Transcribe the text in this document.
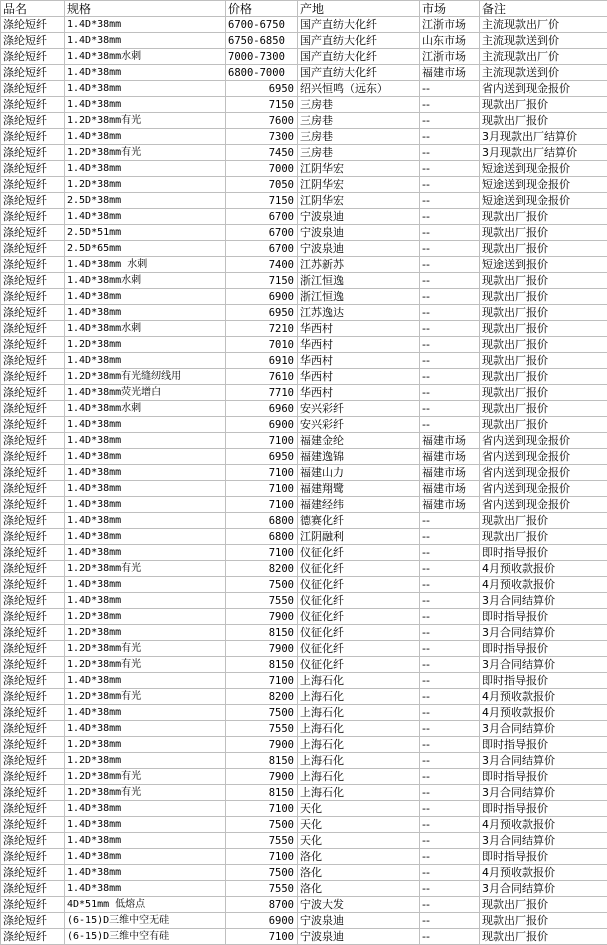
品名	规格	价格	产地	市场	备注
涤纶短纤	1.4D*38mm	6700-6750	国产直纺大化纤	江浙市场	主流现款出厂价
涤纶短纤	1.4D*38mm	6750-6850	国产直纺大化纤	山东市场	主流现款送到价
涤纶短纤	1.4D*38mm水刺	7000-7300	国产直纺大化纤	江浙市场	主流现款出厂价
涤纶短纤	1.4D*38mm	6800-7000	国产直纺大化纤	福建市场	主流现款送到价
涤纶短纤	1.4D*38mm	6950	绍兴恒鸣（远东）	--	省内送到现金报价
涤纶短纤	1.4D*38mm	7150	三房巷	--	现款出厂报价
涤纶短纤	1.2D*38mm有光	7600	三房巷	--	现款出厂报价
涤纶短纤	1.4D*38mm	7300	三房巷	--	3月现款出厂结算价
涤纶短纤	1.2D*38mm有光	7450	三房巷	--	3月现款出厂结算价
涤纶短纤	1.4D*38mm	7000	江阴华宏	--	短途送到现金报价
涤纶短纤	1.2D*38mm	7050	江阴华宏	--	短途送到现金报价
涤纶短纤	2.5D*38mm	7150	江阴华宏	--	短途送到现金报价
涤纶短纤	1.4D*38mm	6700	宁波泉迪	--	现款出厂报价
涤纶短纤	2.5D*51mm	6700	宁波泉迪	--	现款出厂报价
涤纶短纤	2.5D*65mm	6700	宁波泉迪	--	现款出厂报价
涤纶短纤	1.4D*38mm 水刺	7400	江苏新苏	--	短途送到报价
涤纶短纤	1.4D*38mm水刺	7150	浙江恒逸	--	现款出厂报价
涤纶短纤	1.4D*38mm	6900	浙江恒逸	--	现款出厂报价
涤纶短纤	1.4D*38mm	6950	江苏逸达	--	现款出厂报价
涤纶短纤	1.4D*38mm水刺	7210	华西村	--	现款出厂报价
涤纶短纤	1.2D*38mm	7010	华西村	--	现款出厂报价
涤纶短纤	1.4D*38mm	6910	华西村	--	现款出厂报价
涤纶短纤	1.2D*38mm有光缝纫线用	7610	华西村	--	现款出厂报价
涤纶短纤	1.4D*38mm荧光增白	7710	华西村	--	现款出厂报价
涤纶短纤	1.4D*38mm水刺	6960	安兴彩纤	--	现款出厂报价
涤纶短纤	1.4D*38mm	6900	安兴彩纤	--	现款出厂报价
涤纶短纤	1.4D*38mm	7100	福建金纶	福建市场	省内送到现金报价
涤纶短纤	1.4D*38mm	6950	福建逸锦	福建市场	省内送到现金报价
涤纶短纤	1.4D*38mm	7100	福建山力	福建市场	省内送到现金报价
涤纶短纤	1.4D*38mm	7100	福建翔鹭	福建市场	省内送到现金报价
涤纶短纤	1.4D*38mm	7100	福建经纬	福建市场	省内送到现金报价
涤纶短纤	1.4D*38mm	6800	德赛化纤	--	现款出厂报价
涤纶短纤	1.4D*38mm	6800	江阴融利	--	现款出厂报价
涤纶短纤	1.4D*38mm	7100	仪征化纤	--	即时指导报价
涤纶短纤	1.2D*38mm有光	8200	仪征化纤	--	4月预收款报价
涤纶短纤	1.4D*38mm	7500	仪征化纤	--	4月预收款报价
涤纶短纤	1.4D*38mm	7550	仪征化纤	--	3月合同结算价
涤纶短纤	1.2D*38mm	7900	仪征化纤	--	即时指导报价
涤纶短纤	1.2D*38mm	8150	仪征化纤	--	3月合同结算价
涤纶短纤	1.2D*38mm有光	7900	仪征化纤	--	即时指导报价
涤纶短纤	1.2D*38mm有光	8150	仪征化纤	--	3月合同结算价
涤纶短纤	1.4D*38mm	7100	上海石化	--	即时指导报价
涤纶短纤	1.2D*38mm有光	8200	上海石化	--	4月预收款报价
涤纶短纤	1.4D*38mm	7500	上海石化	--	4月预收款报价
涤纶短纤	1.4D*38mm	7550	上海石化	--	3月合同结算价
涤纶短纤	1.2D*38mm	7900	上海石化	--	即时指导报价
涤纶短纤	1.2D*38mm	8150	上海石化	--	3月合同结算价
涤纶短纤	1.2D*38mm有光	7900	上海石化	--	即时指导报价
涤纶短纤	1.2D*38mm有光	8150	上海石化	--	3月合同结算价
涤纶短纤	1.4D*38mm	7100	天化	--	即时指导报价
涤纶短纤	1.4D*38mm	7500	天化	--	4月预收款报价
涤纶短纤	1.4D*38mm	7550	天化	--	3月合同结算价
涤纶短纤	1.4D*38mm	7100	洛化	--	即时指导报价
涤纶短纤	1.4D*38mm	7500	洛化	--	4月预收款报价
涤纶短纤	1.4D*38mm	7550	洛化	--	3月合同结算价
涤纶短纤	4D*51mm 低熔点	8700	宁波大发	--	现款出厂报价
涤纶短纤	(6-15)D三维中空无硅	6900	宁波泉迪	--	现款出厂报价
涤纶短纤	(6-15)D三维中空有硅	7100	宁波泉迪	--	现款出厂报价
